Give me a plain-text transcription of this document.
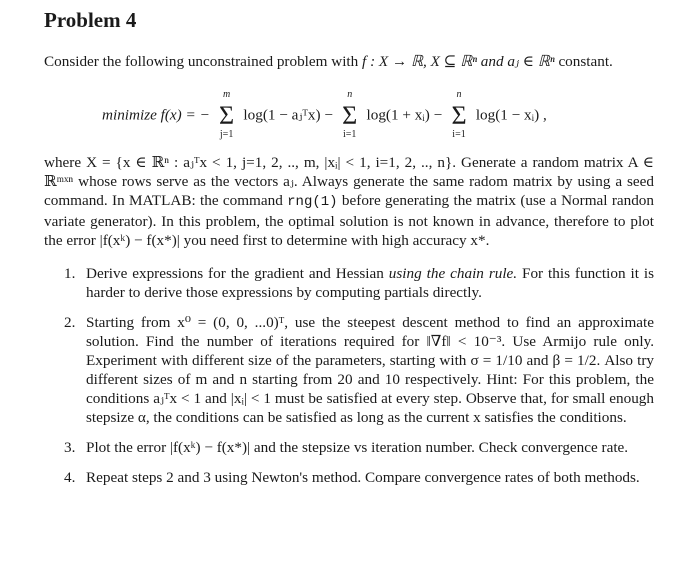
Problem 4

Consider the following unconstrained problem with f : X → ℝ, X ⊆ ℝⁿ and aⱼ ∈ ℝⁿ constant.

minimize f(x) = −
m
Σ
j=1
log(1 − aⱼᵀx) −
n
Σ
i=1
log(1 + xᵢ) −
n
Σ
i=1
log(1 − xᵢ) ,

where X = {x ∈ ℝⁿ : aⱼᵀx < 1, j=1, 2, .., m, |xᵢ| < 1, i=1, 2, .., n}. Generate a random matrix A ∈ ℝᵐˣⁿ whose rows serve as the vectors aⱼ. Always generate the same radom matrix by using a seed command. In MATLAB: the command rng(1) before generating the matrix (use a Normal randon variate generator). In this problem, the optimal solution is not known in advance, therefore to plot the error |f(xᵏ) − f(x*)| you need first to determine with high accuracy x*.

1. Derive expressions for the gradient and Hessian using the chain rule. For this function it is harder to derive those expressions by computing partials directly.
2. Starting from x⁰ = (0, 0, ...0)ᵀ, use the steepest descent method to find an approximate solution. Find the number of iterations required for ‖∇f‖ < 10⁻³. Use Armijo rule only. Experiment with different size of the parameters, starting with σ = 1/10 and β = 1/2. Also try different sizes of m and n starting from 20 and 10 respectively. Hint: For this problem, the conditions aⱼᵀx < 1 and |xᵢ| < 1 must be satisfied at every step. Observe that, for small enough stepsize α, the conditions can be satisfied as long as the current x satisfies the conditions.
3. Plot the error |f(xᵏ) − f(x*)| and the stepsize vs iteration number. Check convergence rate.
4. Repeat steps 2 and 3 using Newton's method. Compare convergence rates of both methods.
